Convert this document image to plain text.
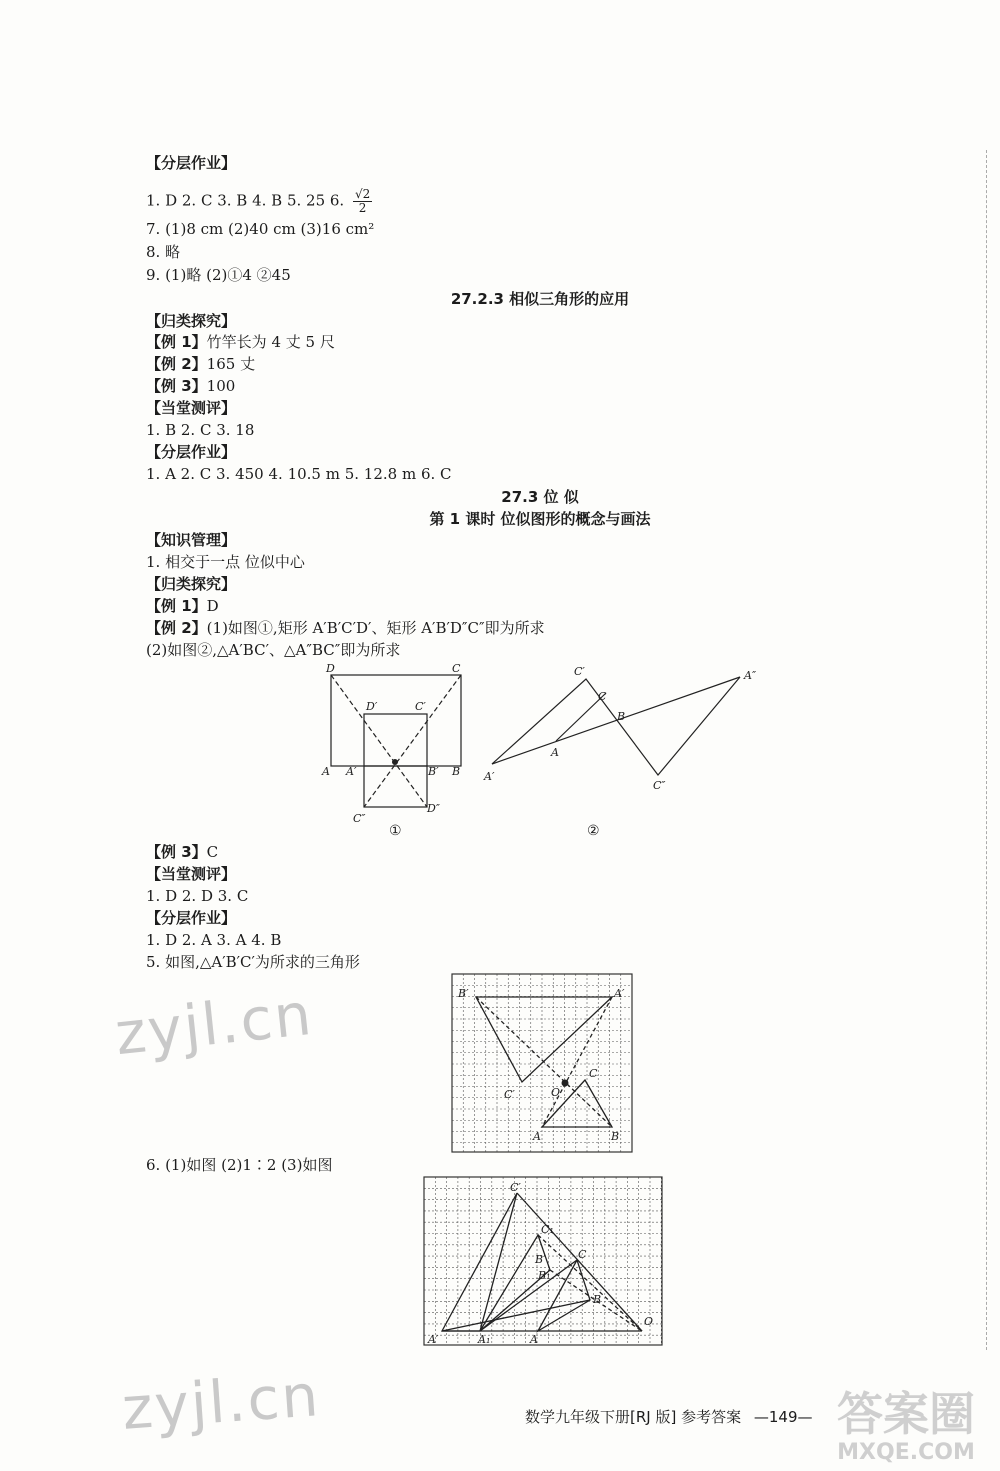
【分层作业】
1. D 2. C 3. B 4. B 5. 25 6. $\frac{√2}{2}$
7. (1)8 cm (2)40 cm (3)16 cm²
8. 略
9. (1)略 (2)①4 ②45
27.2.3 相似三角形的应用
【归类探究】
【例 1】竹竿长为 4 丈 5 尺
【例 2】165 丈
【例 3】100
【当堂测评】
1. B 2. C 3. 18
【分层作业】
1. A 2. C 3. 450 4. 10.5 m 5. 12.8 m 6. C
27.3 位 似
第 1 课时 位似图形的概念与画法
【知识管理】
1. 相交于一点 位似中心
【归类探究】
【例 1】D
【例 2】(1)如图①,矩形 A′B′C′D′、矩形 A′B′D″C″即为所求
(2)如图②,△A′BC′、△A″BC″即为所求
D	C
D′	C′
A A′	B′ B
C″
D″
①
C′
C
B
A″
A
A′
C″
②
【例 3】C
【当堂测评】
1. D 2. D 3. C
【分层作业】
1. D 2. A 3. A 4. B
5. 如图,△A′B′C′为所求的三角形
B′	A′
C′	O
C
A	B
6. (1)如图 (2)1∶2 (3)如图
C′
C₁
B′
B₁
C
B
A′	A₁	A
O
zyjl.cn
zyjl.cn	数学九年级下册[RJ 版] 参考答案 —149— 答案圈
MXQE.COM
